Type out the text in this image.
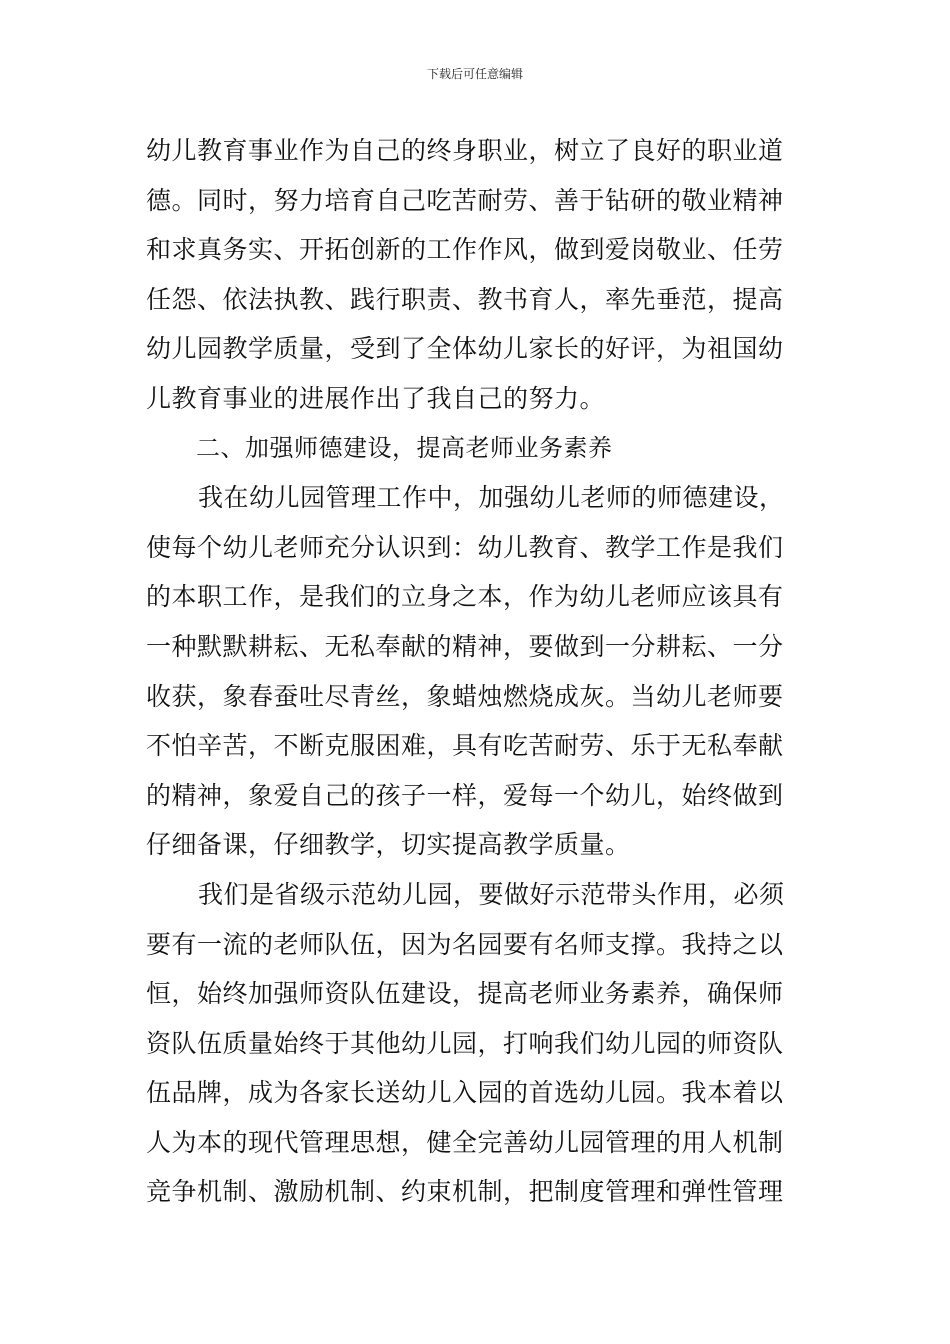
下载后可任意编辑
幼儿教育事业作为自己的终身职业，树立了良好的职业道
德。同时，努力培育自己吃苦耐劳、善于钻研的敬业精神
和求真务实、开拓创新的工作作风，做到爱岗敬业、任劳
任怨、依法执教、践行职责、教书育人，率先垂范，提高
幼儿园教学质量，受到了全体幼儿家长的好评，为祖国幼
儿教育事业的进展作出了我自己的努力。
二、加强师德建设，提高老师业务素养
我在幼儿园管理工作中，加强幼儿老师的师德建设，
使每个幼儿老师充分认识到：幼儿教育、教学工作是我们
的本职工作，是我们的立身之本，作为幼儿老师应该具有
一种默默耕耘、无私奉献的精神，要做到一分耕耘、一分
收获，象春蚕吐尽青丝，象蜡烛燃烧成灰。当幼儿老师要
不怕辛苦，不断克服困难，具有吃苦耐劳、乐于无私奉献
的精神，象爱自己的孩子一样，爱每一个幼儿，始终做到
仔细备课，仔细教学，切实提高教学质量。
我们是省级示范幼儿园，要做好示范带头作用，必须
要有一流的老师队伍，因为名园要有名师支撑。我持之以
恒，始终加强师资队伍建设，提高老师业务素养，确保师
资队伍质量始终于其他幼儿园，打响我们幼儿园的师资队
伍品牌，成为各家长送幼儿入园的首选幼儿园。我本着以
人为本的现代管理思想，健全完善幼儿园管理的用人机制
竞争机制、激励机制、约束机制，把制度管理和弹性管理
